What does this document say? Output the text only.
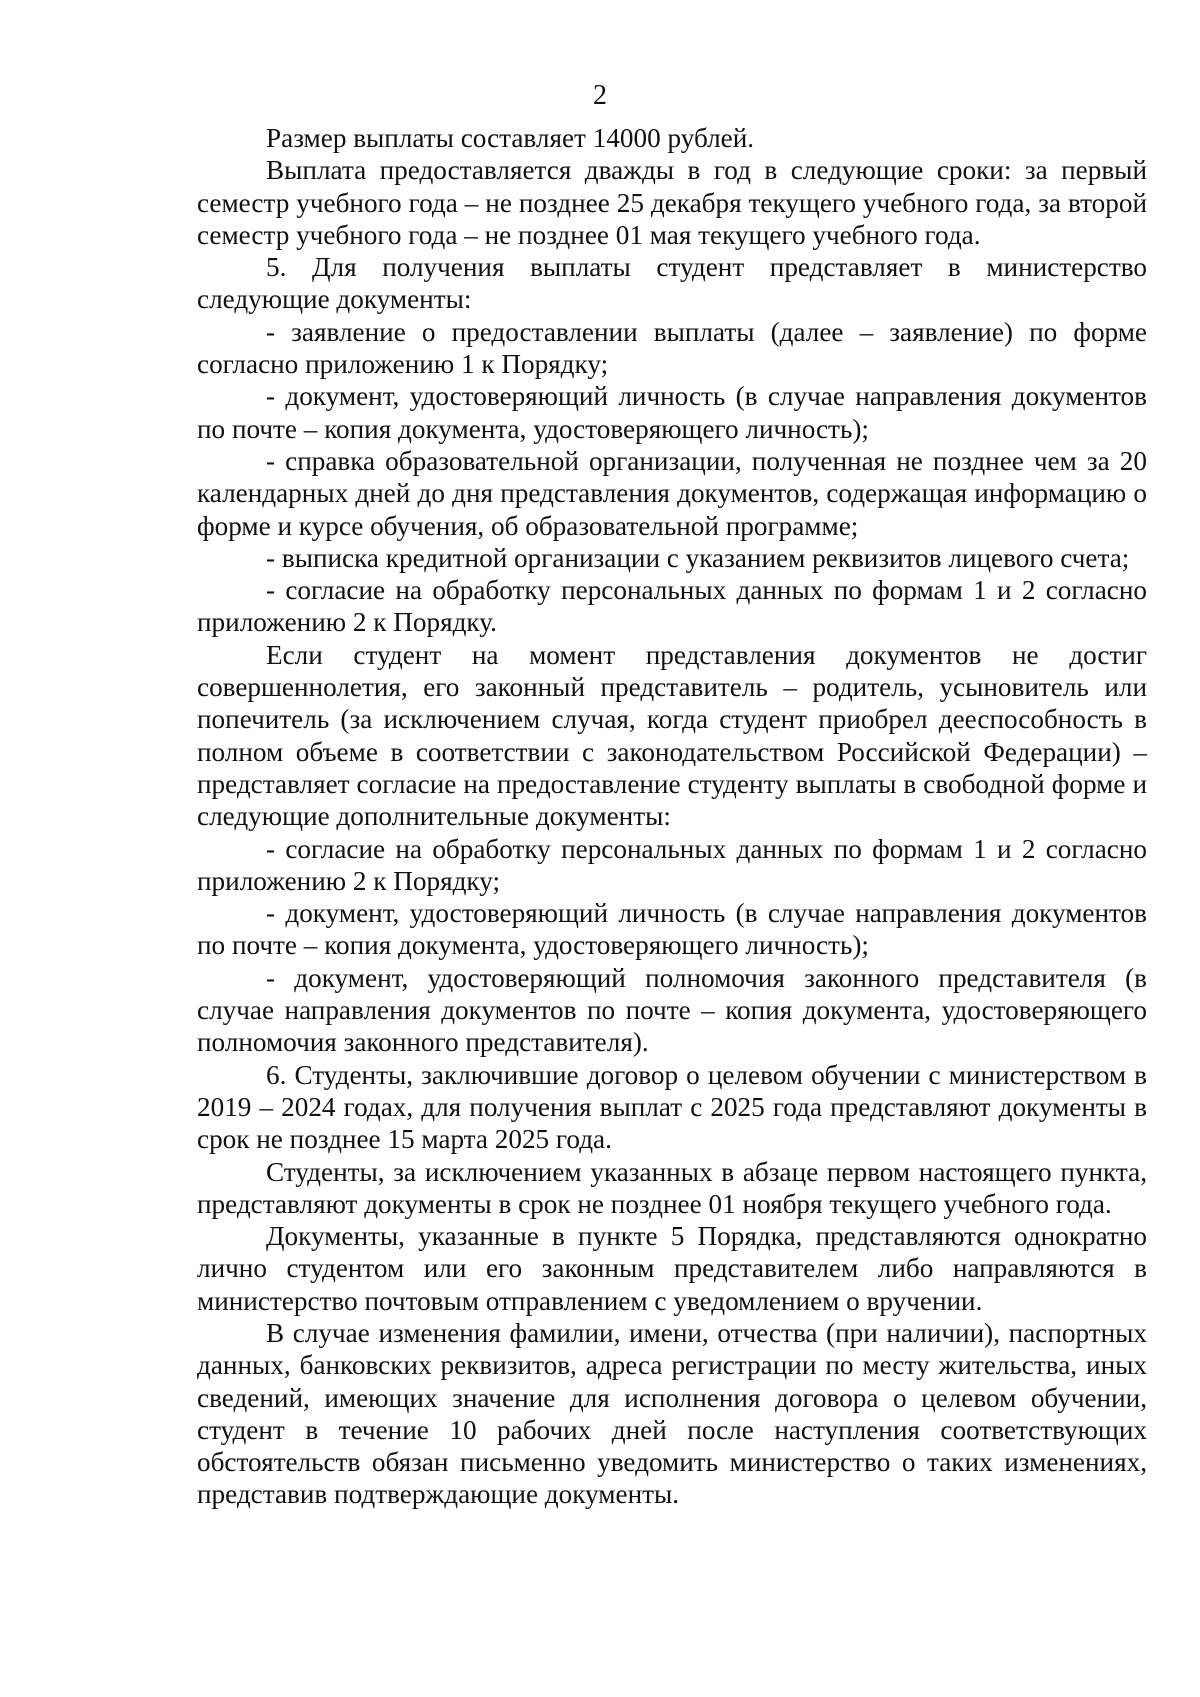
2

Размер выплаты составляет 14000 рублей.

Выплата предоставляется дважды в год в следующие сроки: за первый семестр учебного года – не позднее 25 декабря текущего учебного года, за второй семестр учебного года – не позднее 01 мая текущего учебного года.

5. Для получения выплаты студент представляет в министерство следующие документы:

- заявление о предоставлении выплаты (далее – заявление) по форме согласно приложению 1 к Порядку;

- документ, удостоверяющий личность (в случае направления документов по почте – копия документа, удостоверяющего личность);

- справка образовательной организации, полученная не позднее чем за 20 календарных дней до дня представления документов, содержащая информацию о форме и курсе обучения, об образовательной программе;

- выписка кредитной организации с указанием реквизитов лицевого счета;

- согласие на обработку персональных данных по формам 1 и 2 согласно приложению 2 к Порядку.

Если студент на момент представления документов не достиг совершеннолетия, его законный представитель – родитель, усыновитель или попечитель (за исключением случая, когда студент приобрел дееспособность в полном объеме в соответствии с законодательством Российской Федерации) – представляет согласие на предоставление студенту выплаты в свободной форме и следующие дополнительные документы:

- согласие на обработку персональных данных по формам 1 и 2 согласно приложению 2 к Порядку;

- документ, удостоверяющий личность (в случае направления документов по почте – копия документа, удостоверяющего личность);

- документ, удостоверяющий полномочия законного представителя (в случае направления документов по почте – копия документа, удостоверяющего полномочия законного представителя).

6. Студенты, заключившие договор о целевом обучении с министерством в 2019 – 2024 годах, для получения выплат с 2025 года представляют документы в срок не позднее 15 марта 2025 года.

Студенты, за исключением указанных в абзаце первом настоящего пункта, представляют документы в срок не позднее 01 ноября текущего учебного года.

Документы, указанные в пункте 5 Порядка, представляются однократно лично студентом или его законным представителем либо направляются в министерство почтовым отправлением с уведомлением о вручении.

В случае изменения фамилии, имени, отчества (при наличии), паспортных данных, банковских реквизитов, адреса регистрации по месту жительства, иных сведений, имеющих значение для исполнения договора о целевом обучении, студент в течение 10 рабочих дней после наступления соответствующих обстоятельств обязан письменно уведомить министерство о таких изменениях, представив подтверждающие документы.
